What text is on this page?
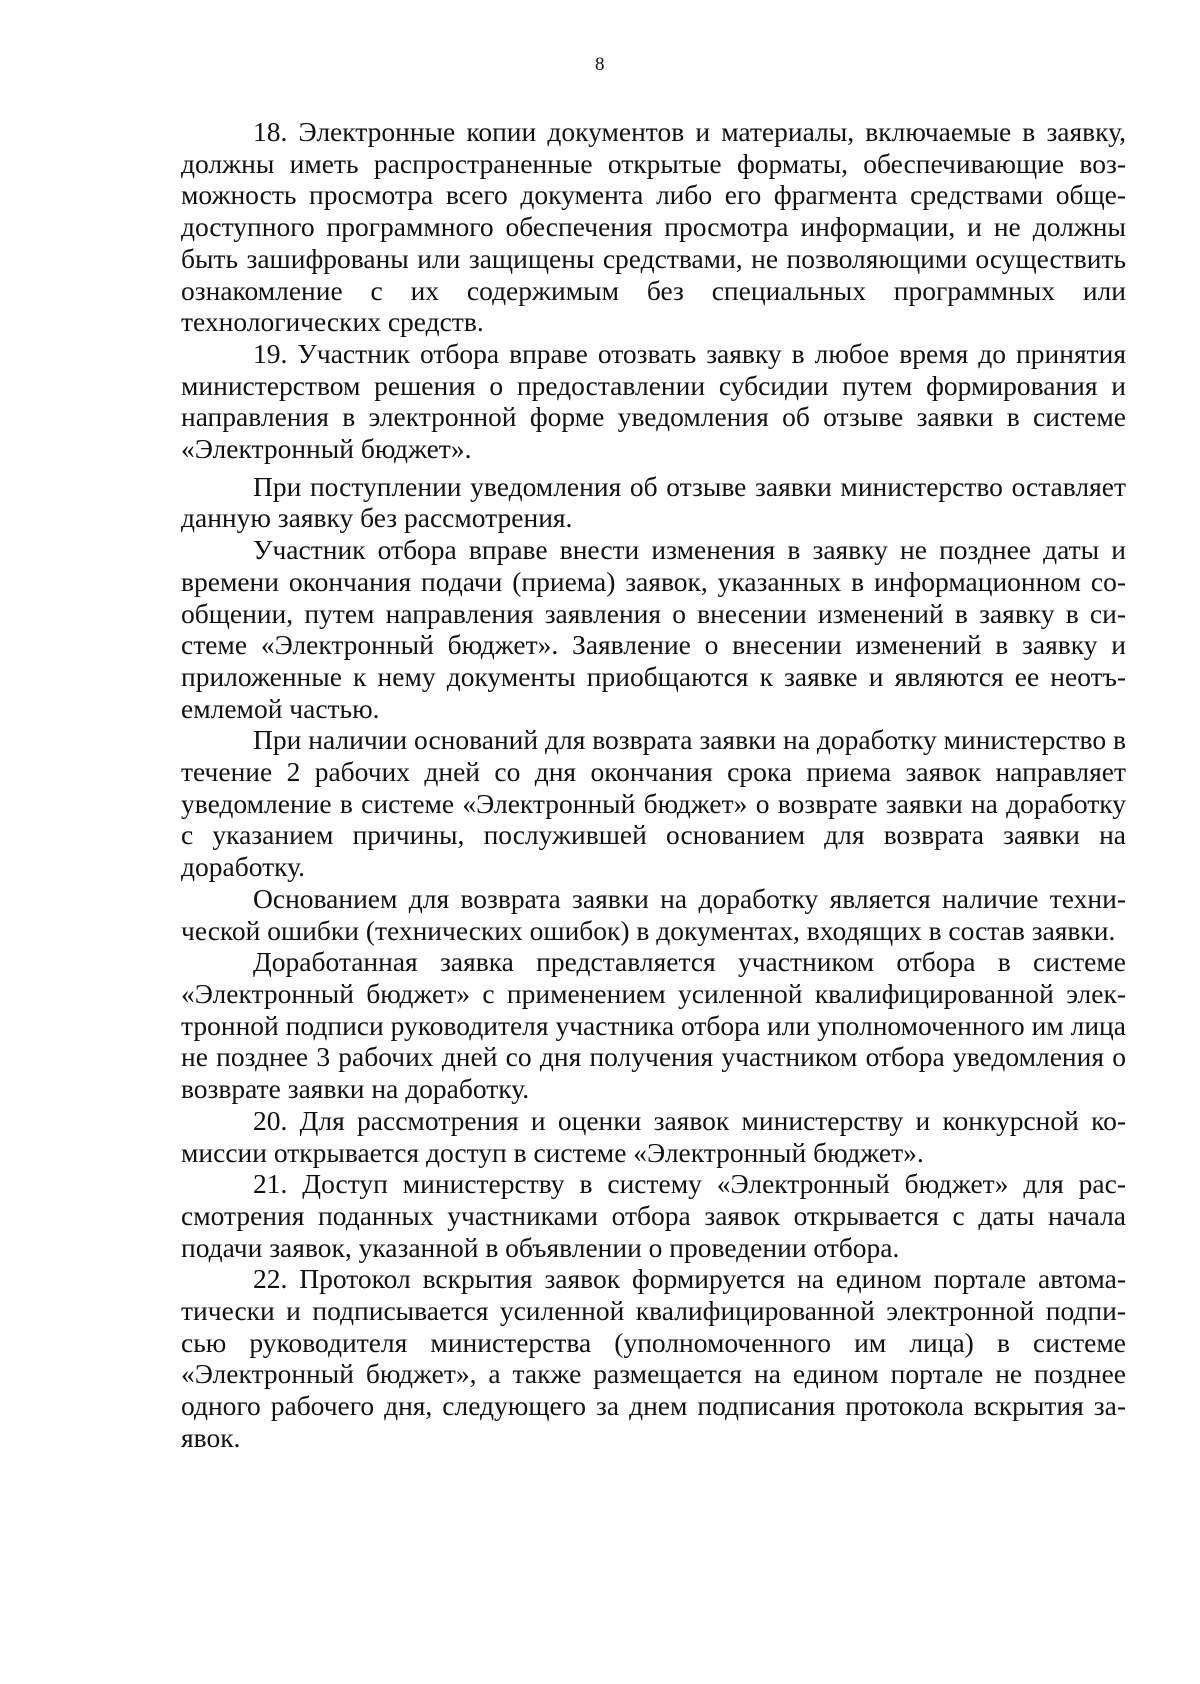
8

18. Электронные копии документов и материалы, включаемые в заявку, должны иметь распространенные открытые форматы, обеспечивающие возможность просмотра всего документа либо его фрагмента средствами общедоступного программного обеспечения просмотра информации, и не должны быть зашифрованы или защищены средствами, не позволяющими осуществить ознакомление с их содержимым без специальных программных или технологических средств.

19. Участник отбора вправе отозвать заявку в любое время до принятия министерством решения о предоставлении субсидии путем формирования и направления в электронной форме уведомления об отзыве заявки в системе «Электронный бюджет».

При поступлении уведомления об отзыве заявки министерство оставляет данную заявку без рассмотрения.

Участник отбора вправе внести изменения в заявку не позднее даты и времени окончания подачи (приема) заявок, указанных в информационном сообщении, путем направления заявления о внесении изменений в заявку в системе «Электронный бюджет». Заявление о внесении изменений в заявку и приложенные к нему документы приобщаются к заявке и являются ее неотъемлемой частью.

При наличии оснований для возврата заявки на доработку министерство в течение 2 рабочих дней со дня окончания срока приема заявок направляет уведомление в системе «Электронный бюджет» о возврате заявки на доработку с указанием причины, послужившей основанием для возврата заявки на доработку.

Основанием для возврата заявки на доработку является наличие технической ошибки (технических ошибок) в документах, входящих в состав заявки.

Доработанная заявка представляется участником отбора в системе «Электронный бюджет» с применением усиленной квалифицированной электронной подписи руководителя участника отбора или уполномоченного им лица не позднее 3 рабочих дней со дня получения участником отбора уведомления о возврате заявки на доработку.

20. Для рассмотрения и оценки заявок министерству и конкурсной комиссии открывается доступ в системе «Электронный бюджет».

21. Доступ министерству в систему «Электронный бюджет» для рассмотрения поданных участниками отбора заявок открывается с даты начала подачи заявок, указанной в объявлении о проведении отбора.

22. Протокол вскрытия заявок формируется на едином портале автоматически и подписывается усиленной квалифицированной электронной подписью руководителя министерства (уполномоченного им лица) в системе «Электронный бюджет», а также размещается на едином портале не позднее одного рабочего дня, следующего за днем подписания протокола вскрытия заявок.
